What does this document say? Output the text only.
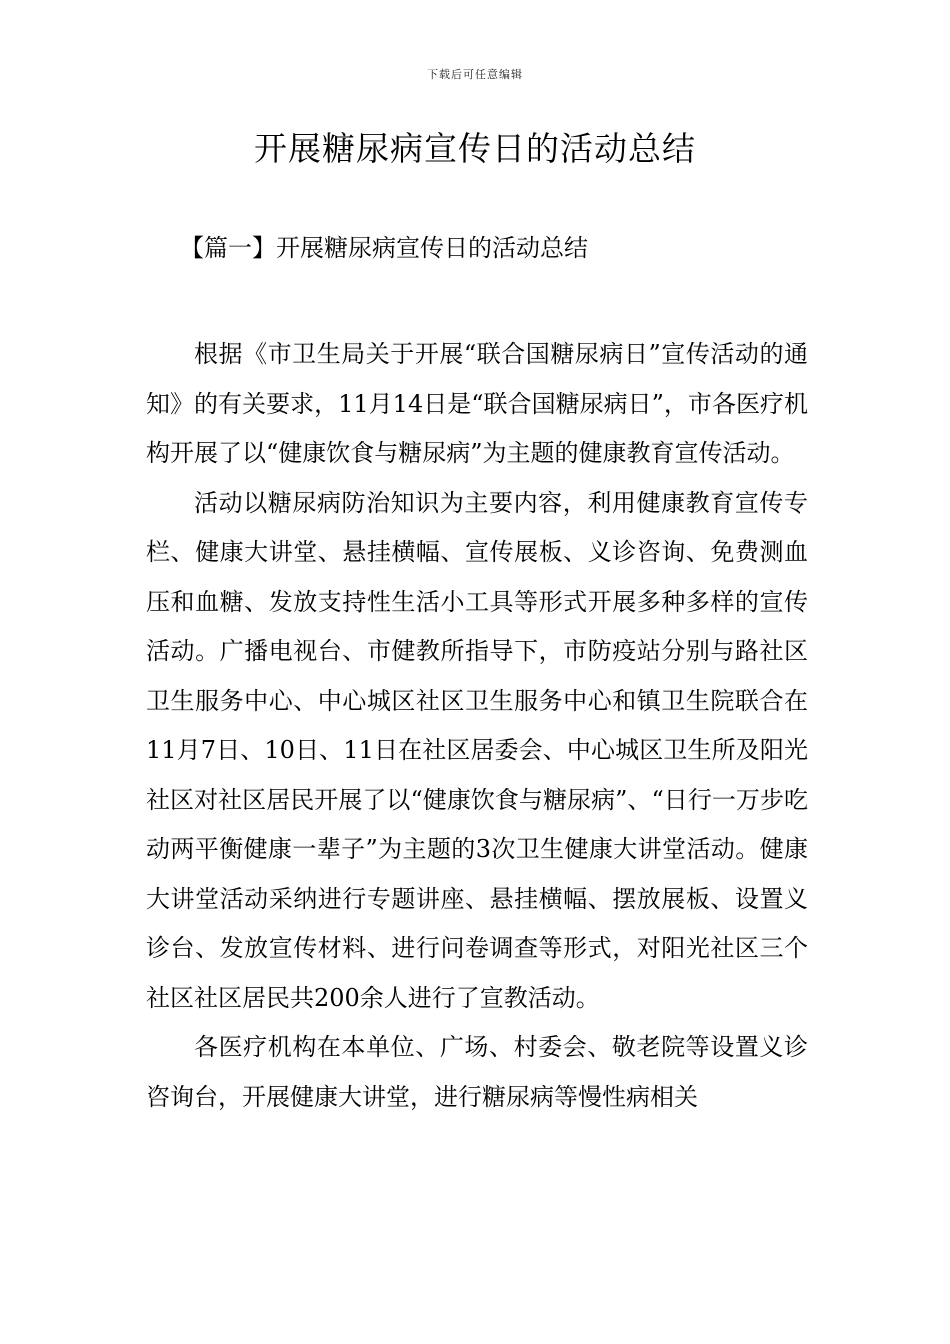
下载后可任意编辑
开展糖尿病宣传日的活动总结
【篇一】开展糖尿病宣传日的活动总结

根据《市卫生局关于开展“联合国糖尿病日”宣传活动的通知》的有关要求，11月14日是“联合国糖尿病日”，市各医疗机构开展了以“健康饮食与糖尿病”为主题的健康教育宣传活动。

活动以糖尿病防治知识为主要内容，利用健康教育宣传专栏、健康大讲堂、悬挂横幅、宣传展板、义诊咨询、免费测血压和血糖、发放支持性生活小工具等形式开展多种多样的宣传活动。广播电视台、市健教所指导下，市防疫站分别与路社区卫生服务中心、中心城区社区卫生服务中心和镇卫生院联合在11月7日、10日、11日在社区居委会、中心城区卫生所及阳光社区对社区居民开展了以“健康饮食与糖尿病”、“日行一万步吃动两平衡健康一辈子”为主题的3次卫生健康大讲堂活动。健康大讲堂活动采纳进行专题讲座、悬挂横幅、摆放展板、设置义诊台、发放宣传材料、进行问卷调查等形式，对阳光社区三个社区社区居民共200余人进行了宣教活动。

各医疗机构在本单位、广场、村委会、敬老院等设置义诊咨询台，开展健康大讲堂，进行糖尿病等慢性病相关
